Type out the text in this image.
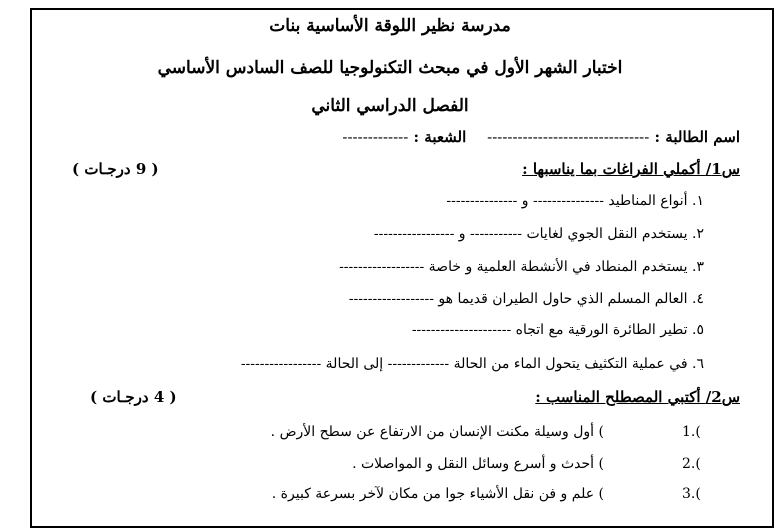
مدرسة نظير اللوقة الأساسية بنات
اختبار الشهر الأول في مبحث التكنولوجيا للصف السادس الأساسي
الفصل الدراسي الثاني
اسم الطالبة : --------------------------------    الشعبة : -------------
س1/ أكملي الفراغات بما يناسبها :
( 9 درجـات )
١. أنواع المناطيد --------------- و ---------------
٢. يستخدم النقل الجوي لغايات ----------- و -----------------
٣. يستخدم المنطاد في الأنشطة العلمية و خاصة ------------------
٤. العالم المسلم الذي حاول الطيران قديما هو ------------------
٥. تطير الطائرة الورقية مع اتجاه ---------------------
٦. في عملية التكثيف يتحول الماء من الحالة ------------- إلى الحالة -----------------
س2/ أكتبي المصطلح المناسب :
( 4 درجـات )
1.() أول وسيلة مكنت الإنسان من الارتفاع عن سطح الأرض .
2.() أحدث و أسرع وسائل النقل و المواصلات .
3.() علم و فن نقل الأشياء جوا من مكان لآخر بسرعة كبيرة .
